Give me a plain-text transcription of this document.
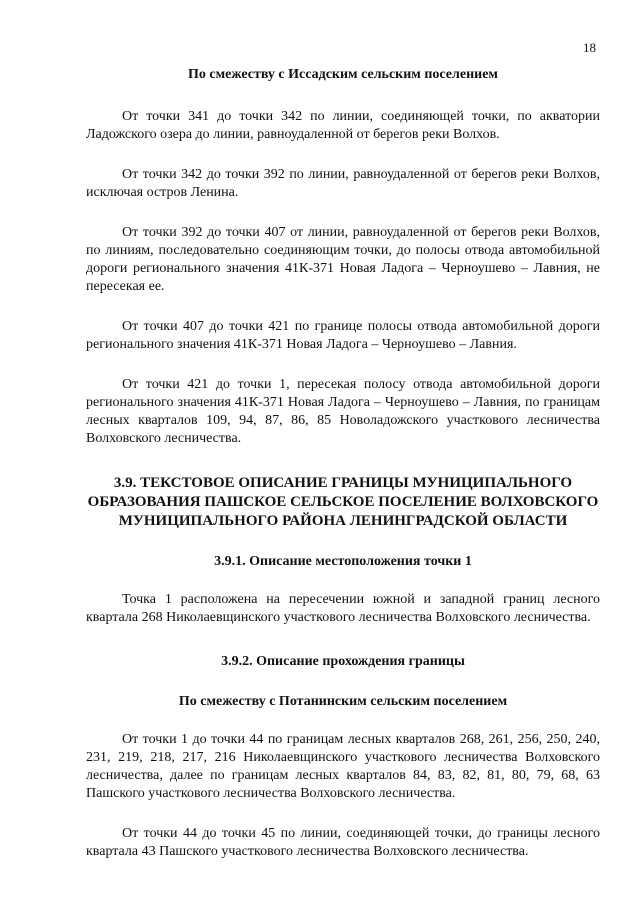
18

По смежеству с Иссадским сельским поселением

От точки 341 до точки 342 по линии, соединяющей точки, по акватории Ладожского озера до линии, равноудаленной от берегов реки Волхов.

От точки 342 до точки 392 по линии, равноудаленной от берегов реки Волхов, исключая остров Ленина.

От точки 392 до точки 407 от линии, равноудаленной от берегов реки Волхов, по линиям, последовательно соединяющим точки, до полосы отвода автомобильной дороги регионального значения 41К-371 Новая Ладога – Черноушево – Лавния, не пересекая ее.

От точки 407 до точки 421 по границе полосы отвода автомобильной дороги регионального значения 41К-371 Новая Ладога – Черноушево – Лавния.

От точки 421 до точки 1, пересекая полосу отвода автомобильной дороги регионального значения 41К-371 Новая Ладога – Черноушево – Лавния, по границам лесных кварталов 109, 94, 87, 86, 85 Новоладожского участкового лесничества Волховского лесничества.

3.9. ТЕКСТОВОЕ ОПИСАНИЕ ГРАНИЦЫ МУНИЦИПАЛЬНОГО ОБРАЗОВАНИЯ ПАШСКОЕ СЕЛЬСКОЕ ПОСЕЛЕНИЕ ВОЛХОВСКОГО МУНИЦИПАЛЬНОГО РАЙОНА ЛЕНИНГРАДСКОЙ ОБЛАСТИ

3.9.1. Описание местоположения точки 1

Точка 1 расположена на пересечении южной и западной границ лесного квартала 268 Николаевщинского участкового лесничества Волховского лесничества.

3.9.2. Описание прохождения границы

По смежеству с Потанинским сельским поселением

От точки 1 до точки 44 по границам лесных кварталов 268, 261, 256, 250, 240, 231, 219, 218, 217, 216 Николаевщинского участкового лесничества Волховского лесничества, далее по границам лесных кварталов 84, 83, 82, 81, 80, 79, 68, 63 Пашского участкового лесничества Волховского лесничества.

От точки 44 до точки 45 по линии, соединяющей точки, до границы лесного квартала 43 Пашского участкового лесничества Волховского лесничества.
